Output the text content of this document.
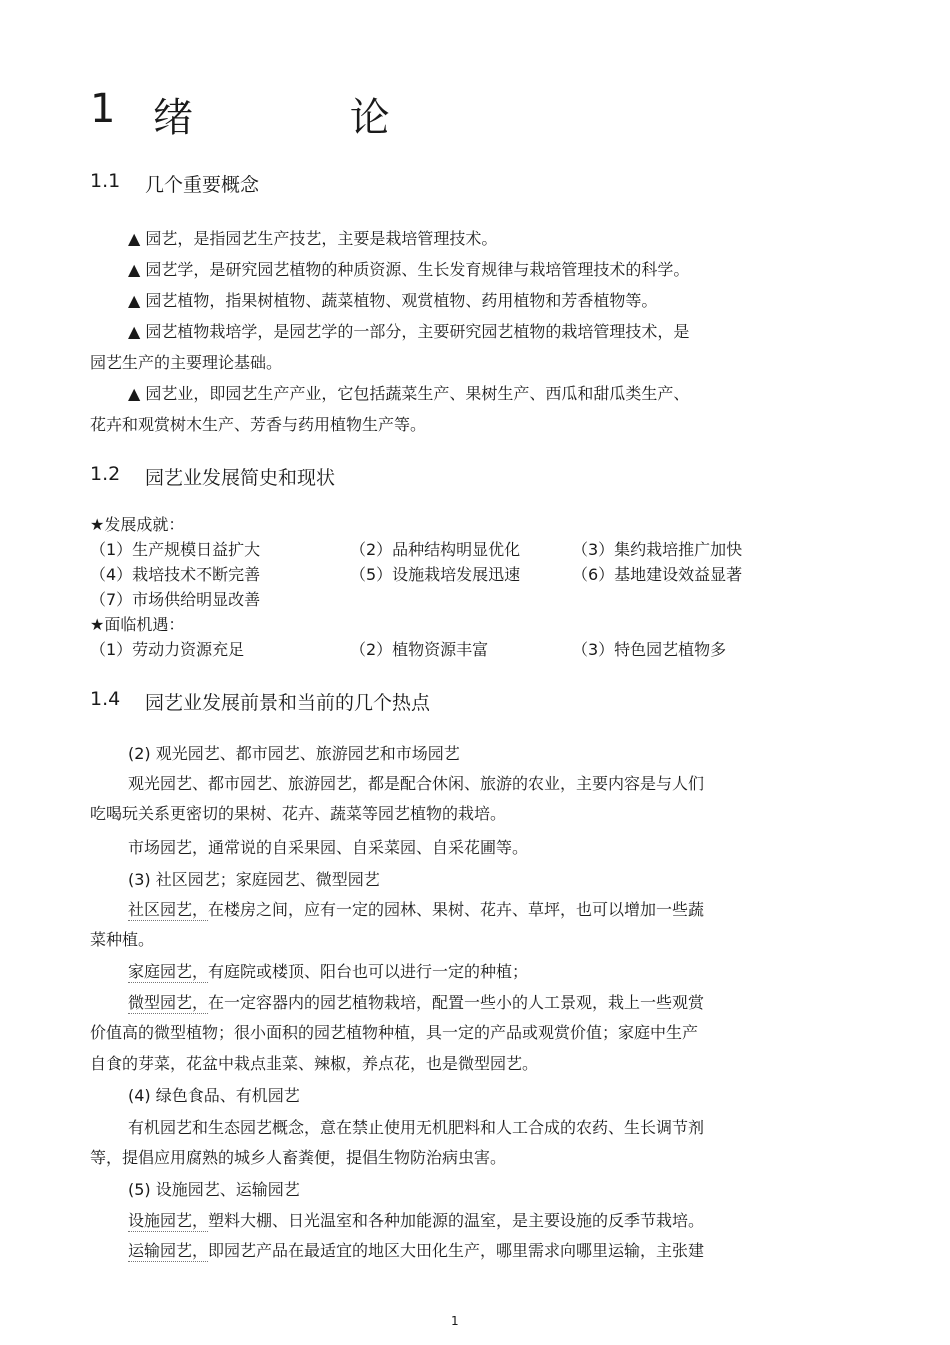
1 绪 论
1.1 几个重要概念
▲ 园艺，是指园艺生产技艺，主要是栽培管理技术。
▲ 园艺学，是研究园艺植物的种质资源、生长发育规律与栽培管理技术的科学。
▲ 园艺植物，指果树植物、蔬菜植物、观赏植物、药用植物和芳香植物等。
▲ 园艺植物栽培学，是园艺学的一部分，主要研究园艺植物的栽培管理技术，是
园艺生产的主要理论基础。
▲ 园艺业，即园艺生产产业，它包括蔬菜生产、果树生产、西瓜和甜瓜类生产、
花卉和观赏树木生产、芳香与药用植物生产等。
1.2 园艺业发展简史和现状
★发展成就：
（1）生产规模日益扩大	（2）品种结构明显优化	（3）集约栽培推广加快
（4）栽培技术不断完善	（5）设施栽培发展迅速	（6）基地建设效益显著
（7）市场供给明显改善
★面临机遇：
（1）劳动力资源充足	（2）植物资源丰富	（3）特色园艺植物多
1.4 园艺业发展前景和当前的几个热点
(2) 观光园艺、都市园艺、旅游园艺和市场园艺
观光园艺、都市园艺、旅游园艺，都是配合休闲、旅游的农业，主要内容是与人们
吃喝玩关系更密切的果树、花卉、蔬菜等园艺植物的栽培。
市场园艺，通常说的自采果园、自采菜园、自采花圃等。
(3) 社区园艺；家庭园艺、微型园艺
社区园艺，在楼房之间，应有一定的园林、果树、花卉、草坪，也可以增加一些蔬
菜种植。
家庭园艺，有庭院或楼顶、阳台也可以进行一定的种植；
微型园艺，在一定容器内的园艺植物栽培，配置一些小的人工景观，栽上一些观赏
价值高的微型植物；很小面积的园艺植物种植，具一定的产品或观赏价值；家庭中生产
自食的芽菜，花盆中栽点韭菜、辣椒，养点花，也是微型园艺。
(4) 绿色食品、有机园艺
有机园艺和生态园艺概念，意在禁止使用无机肥料和人工合成的农药、生长调节剂
等，提倡应用腐熟的城乡人畜粪便，提倡生物防治病虫害。
(5) 设施园艺、运输园艺
设施园艺，塑料大棚、日光温室和各种加能源的温室，是主要设施的反季节栽培。
运输园艺，即园艺产品在最适宜的地区大田化生产，哪里需求向哪里运输，主张建
1
